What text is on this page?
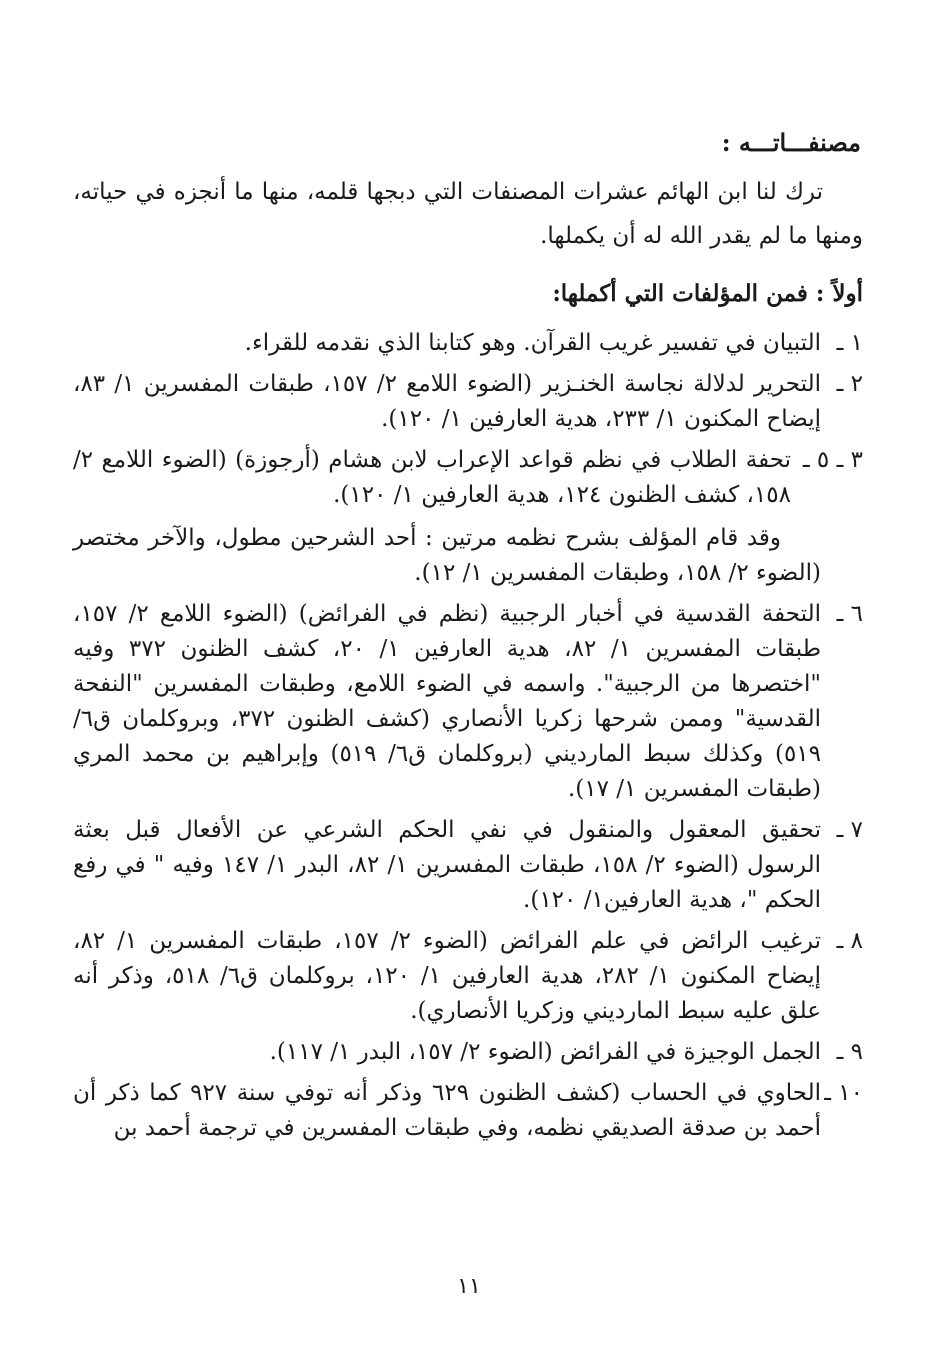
مصنفـــاتـــه :

ترك لنا ابن الهائم عشرات المصنفات التي دبجها قلمه، منها ما أنجزه في حياته، ومنها ما لم يقدر الله له أن يكملها.

أولاً : فمن المؤلفات التي أكملها:
١ ـ
التبيان في تفسير غريب القرآن. وهو كتابنا الذي نقدمه للقراء.
٢ ـ
التحرير لدلالة نجاسة الخنـزير (الضوء اللامع ٢/ ١٥٧، طبقات المفسرين ١/ ٨٣، إيضاح المكنون ١/ ٢٣٣، هدية العارفين ١/ ١٢٠).
٣ ـ ٥ ـ
تحفة الطلاب في نظم قواعد الإعراب لابن هشام (أرجوزة) (الضوء اللامع ٢/ ١٥٨، كشف الظنون ١٢٤، هدية العارفين ١/ ١٢٠).

وقد قام المؤلف بشرح نظمه مرتين : أحد الشرحين مطول، والآخر مختصر (الضوء ٢/ ١٥٨، وطبقات المفسرين ١/ ١٢).

٦ ـ
التحفة القدسية في أخبار الرجبية (نظم في الفرائض) (الضوء اللامع ٢/ ١٥٧، طبقات المفسرين ١/ ٨٢، هدية العارفين ١/ ٢٠، كشف الظنون ٣٧٢ وفيه "اختصرها من الرجبية". واسمه في الضوء اللامع، وطبقات المفسرين "النفحة القدسية" وممن شرحها زكريا الأنصاري (كشف الظنون ٣٧٢، وبروكلمان ق٦/ ٥١٩) وكذلك سبط المارديني (بروكلمان ق٦/ ٥١٩) وإبراهيم بن محمد المري (طبقات المفسرين ١/ ١٧).
٧ ـ
تحقيق المعقول والمنقول في نفي الحكم الشرعي عن الأفعال قبل بعثة الرسول (الضوء ٢/ ١٥٨، طبقات المفسرين ١/ ٨٢، البدر ١/ ١٤٧ وفيه " في رفع الحكم "، هدية العارفين١/ ١٢٠).
٨ ـ
ترغيب الرائض في علم الفرائض (الضوء ٢/ ١٥٧، طبقات المفسرين ١/ ٨٢، إيضاح المكنون ١/ ٢٨٢، هدية العارفين ١/ ١٢٠، بروكلمان ق٦/ ٥١٨، وذكر أنه علق عليه سبط المارديني وزكريا الأنصاري).
٩ ـ
الجمل الوجيزة في الفرائض (الضوء ٢/ ١٥٧، البدر ١/ ١١٧).
١٠ ـ
الحاوي في الحساب (كشف الظنون ٦٢٩ وذكر أنه توفي سنة ٩٢٧ كما ذكر أن أحمد بن صدقة الصديقي نظمه، وفي طبقات المفسرين في ترجمة أحمد بن
١١
